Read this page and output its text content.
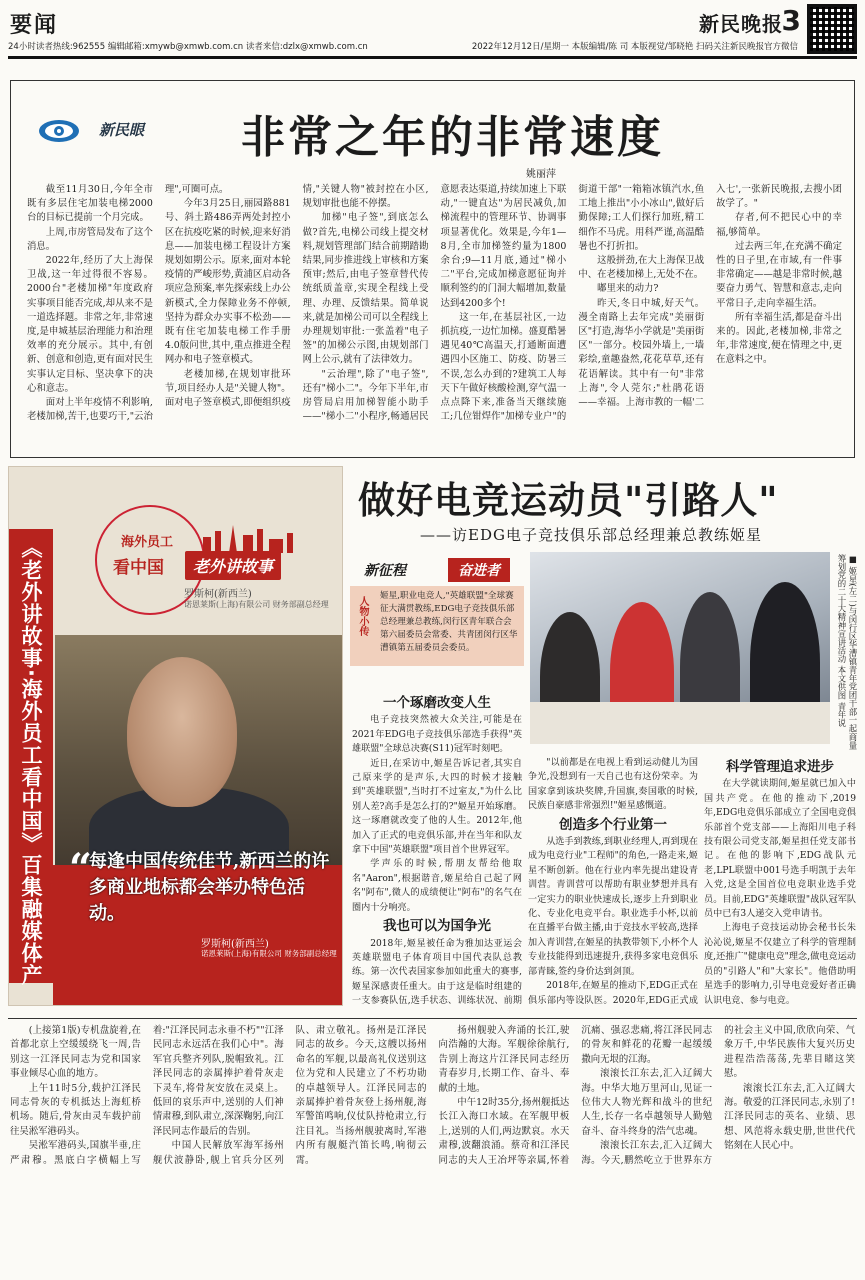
要闻	新民晚报
3
24小时读者热线:962555 编辑邮箱:xmywb@xmwb.com.cn 读者来信:dzlx@xmwb.com.cn	2022年12月12日/星期一 本版编辑/陈 司 本版视觉/邹晓艳 扫码关注新民晚报官方微信
新民眼 非常之年的非常速度
姚丽萍

截至11月30日,今年全市既有多层住宅加装电梯2000台的目标已提前一个月完成。

上周,市房管局发布了这个消息。

2022年,经历了大上海保卫战,这一年过得很不容易。2000台"老楼加梯"年度政府实事项目能否完成,却从来不是一道选择题。非常之年,非常速度,是申城基层治理能力和治理效率的充分展示。其中,有创新、创意和创造,更有面对民生实事认定目标、坚决拿下的决心和意志。

面对上半年疫情不利影响,老楼加梯,苦干,也要巧干,"云治理",可圈可点。

今年3月25日,丽园路881号、斜土路486弄两处封控小区在抗疫吃紧的时候,迎来好消息——加装电梯工程设计方案规划如期公示。原来,面对本轮疫情的严峻形势,黄浦区启动各项应急预案,率先探索线上办公新模式,全力保障业务不停顿,坚持为群众办实事不松劲——既有住宅加装电梯工作手册4.0版问世,其中,重点推进全程网办和电子签章模式。

老楼加梯,在规划审批环节,项目经办人是"关键人物"。面对电子签章模式,即便组织疫情,"关键人物"被封控在小区,规划审批也能不停摆。

加梯"电子签",到底怎么做?首先,电梯公司线上提交材料,规划管理部门结合前期踏勘结果,同步推进线上审核和方案预审;然后,由电子签章替代传统纸质盖章,实现全程线上受理、办理、反馈结果。简单说来,就是加梯公司可以全程线上办理规划审批:一张盖着"电子签"的加梯公示图,由规划部门网上公示,就有了法律效力。

"云治理",除了"电子签",还有"梯小二"。今年下半年,市房管局启用加梯智能小助手——"梯小二"小程序,畅通居民意愿表达渠道,持续加速上下联动,"一键直达"为居民减负,加梯流程中的管理环节、协调事项显著优化。效果是,今年1—8月,全市加梯签约量为1800余台;9—11月底,通过"梯小二"平台,完成加梯意愿征询并顺利签约的门洞大幅增加,数量达到4200多个!

这一年,在基层社区,一边抓抗疫,一边忙加梯。盛夏酷暑遇见40℃高温天,打通断面遭遇四小区施工、防疫、防暑三不误,怎么办到的?建筑工人每天下午做好核酸检测,穿气温一点点降下来,准备当天继续施工;几位钳焊作"加梯专业户"的街道干部"一箱箱冰镇汽水,鱼工地上推出"小小冰山",做好后勤保障;工人们探行加班,精工细作不马虎。用科严谨,高温酷暑也不打折扣。

这般拼劲,在大上海保卫战中、在老楼加梯上,无处不在。

嘟里来的动力?

昨天,冬日中城,好天气。漫全南路上去年完成"美丽街区"打造,海华小学就是"美丽街区"一部分。校园外墙上,一墙彩绘,童趣盎然,花花草草,还有花语解读。其中有一句"非常上海",令人莞尔;"杜鹃花语——幸福。上海市教的一幅'二入七',一张新民晚报,去搜小团故学了。"

存者,何不把民心中的幸福,够简单。

过去两三年,在充满不确定性的日子里,在市域,有一件事非常确定——越是非常时候,越要奋力勇气、智慧和意志,走向平常日子,走向幸福生活。

所有幸福生活,都是奋斗出来的。因此,老楼加梯,非常之年,非常速度,便在情理之中,更在意料之中。

《老外讲故事·海外员工看中国》百集融媒体产
海外员工
看中国	老外讲故事
罗斯柯(新西兰)
诺恩莱斯(上海)有限公司 财务部副总经理
“
每逢中国传统佳节,新西兰的许多商业地标都会举办特色活动。
罗斯柯(新西兰)
诺恩莱斯(上海)有限公司 财务部副总经理
做好电竞运动员"引路人"
——访EDG电子竞技俱乐部总经理兼总教练姬星
新征程	奋进者
人物小传 姬星,职业电竞人,"英雄联盟"全球赛征大满贯教练,EDG电子竞技俱乐部总经理兼总教练,闵行区青年联合会第六届委员会常委、共青团闵行区华漕镇第五届委员会委员。	■ 姬星(左二)与闵行区华漕镇青年党团干部一起商量筹划党的二十大精神宣讲活动 本文供图 青年说
一个琢磨改变人生

电子竞技突然被大众关注,可能是在2021年EDG电子竞技俱乐部选手获得"英雄联盟"全球总决赛(S11)冠军时刻吧。

近日,在采访中,姬星告诉记者,其实自己原来学的是声乐,大四的时候才接触到"英雄联盟",当时打不过室友,"为什么比别人差?高手是怎么打的?"姬星开始琢磨。这一琢磨就改变了他的人生。2012年,他加入了正式的电竞俱乐部,并在当年和队友拿下中国"英雄联盟"项目首个世界冠军。

学声乐的时候,帮朋友帮给他取名"Aaron",根据谐音,姬星给自己起了网名"阿布",微人的成绩便让"阿布"的名气在圈内十分响亮。

我也可以为国争光

2018年,姬星被任命为雅加达亚运会英雄联盟电子体育项目中国代表队总教练。第一次代表国家参加如此重大的赛事,姬星深感责任重大。由于这是临时组建的一支参赛队伍,选手状态、训练状况、前期

"以前都是在电视上看到运动健儿为国争光,没想到有一天自己也有这份荣幸。为国家拿到该块奖牌,升国旗,奏国歌的时候,民族自豪感非常强烈!"姬星感慨道。

创造多个行业第一

从选手到教练,到职业经理人,再到现在成为电竞行业"工程师"的角色,一路走来,姬星不断创新。他在行业内率先提出建设青训营。青训营可以帮助有职业梦想并具有一定实力的职业快速成长,逐步上升到职业化、专业化电竞平台。职业选手小杯,以前在直播平台做主播,由于竞技水平较高,选择加入青训营,在姬星的执教带领下,小杯个人专业技能得到迅速提升,获得多家电竞俱乐部青睐,签约身价达到剑顶。

2018年,在姬星的推动下,EDG正式在俱乐部内等设队医。2020年,EDG正式成

科学管理追求进步

在大学就读期间,姬星就已加入中国共产党。在他的推动下,2019年,EDG电竞俱乐部成立了全国电竞俱乐部首个党支部——上海阳川电子科技有限公司党支部,姬星担任党支部书记。在他的影响下,EDG战队元老,LPL联盟中001号选手明凯于去年入党,这是全国首位电竞职业选手党员。目前,EDG"英雄联盟"战队冠军队员中已有3人递交入党申请书。

上海电子竞技运动协会秘书长朱沁沁说,姬星不仅建立了科学的管理制度,还推广"健康电竞"理念,做电竞运动员的"引路人"和"大家长"。他借助明星选手的影响力,引导电竞爱好者正确认识电竞、参与电竞。

(上接第1版)专机盘旋着,在首都北京上空缓缓绕飞一周,告别这一江泽民同志为党和国家事业倾尽心血的地方。

上午11时5分,载护江泽民同志骨灰的专机抵达上海虹桥机场。随后,骨灰由灵车载护前往吴淞军港码头。

吴淞军港码头,国旗半垂,庄严肃穆。黑底白字横幅上写着:"江泽民同志永垂不朽""江泽民同志永远活在我们心中"。海军官兵整齐列队,脱帽致礼。江泽民同志的亲属捧护着骨灰走下灵车,将骨灰安放在灵桌上。低回的哀乐声中,送别的人们神情肃穆,到队肃立,深深鞠躬,向江泽民同志作最后的告别。

中国人民解放军海军扬州舰伏波静卧,舰上官兵分区列队、肃立敬礼。扬州是江泽民同志的故乡。今天,这艘以扬州命名的军舰,以最高礼仪送别这位为党和人民建立了不朽功勋的卓越领导人。江泽民同志的亲属捧护着骨灰登上扬州舰,海军警笛鸣响,仪仗队持枪肃立,行注目礼。当扬州舰驶离时,军港内所有舰艇汽笛长鸣,响彻云霄。

扬州舰驶入奔涌的长江,驶向浩瀚的大海。军舰徐徐航行,告别上海这片江泽民同志经历青春岁月,长期工作、奋斗、奉献的土地。

中午12时35分,扬州舰抵达长江入海口水域。在军舰甲板上,送别的人们,两边默哀。水天肃穆,波翻浪涌。蔡奇和江泽民同志的夫人王冶坪等亲属,怀着沉痛、强忍悲痛,将江泽民同志的骨灰和鲜花的花瓣一起缓缓撒向无垠的江海。

滚滚长江东去,汇入辽阔大海。中华大地万里河山,见证一位伟大人物光辉和战斗的世纪人生,长存一名卓越领导人勤勉奋斗、奋斗终身的浩气忠魂。

滚滚长江东去,汇入辽阔大海。今天,鹏然屹立于世界东方的社会主义中国,欣欣向荣、气象万千,中华民族伟大复兴历史进程浩浩荡荡,先辈目睹这笑慰。

滚滚长江东去,汇入辽阔大海。敬爱的江泽民同志,永别了!江泽民同志的英名、业绩、思想、风范将永载史册,世世代代铭刻在人民心中。
